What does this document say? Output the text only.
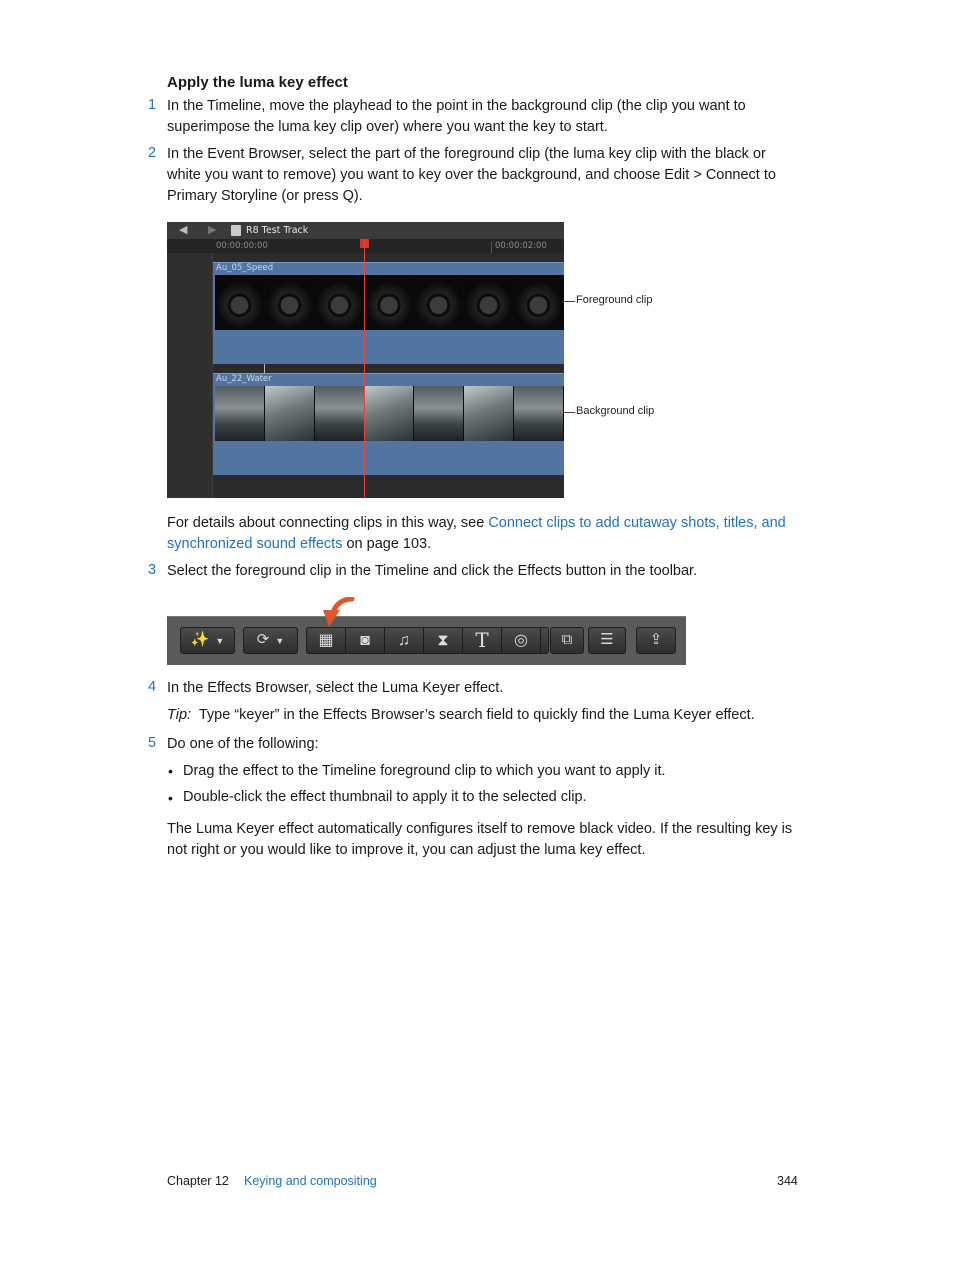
Apply the luma key effect
1 In the Timeline, move the playhead to the point in the background clip (the clip you want to superimpose the luma key clip over) where you want the key to start.
2 In the Event Browser, select the part of the foreground clip (the luma key clip with the black or white you want to remove) you want to key over the background, and choose Edit > Connect to Primary Storyline (or press Q).
◀ ▶	R8 Test Track
00:00:00:00	00:00:02:00
Au_05_Speed
Au_22_Water
Foreground clip
Background clip
For details about connecting clips in this way, see Connect clips to add cutaway shots, titles, and synchronized sound effects on page 103.
3 Select the foreground clip in the Timeline and click the Effects button in the toolbar.
✨ ▼	⟳ ▼	▦	◙	♫	⧗	T	◎	⧉	☰	⇪
4 In the Effects Browser, select the Luma Keyer effect.
Tip: Type “keyer” in the Effects Browser’s search field to quickly find the Luma Keyer effect.
5 Do one of the following:
• Drag the effect to the Timeline foreground clip to which you want to apply it.
• Double-click the effect thumbnail to apply it to the selected clip.
The Luma Keyer effect automatically configures itself to remove black video. If the resulting key is not right or you would like to improve it, you can adjust the luma key effect.
Chapter 12 Keying and compositing	344
